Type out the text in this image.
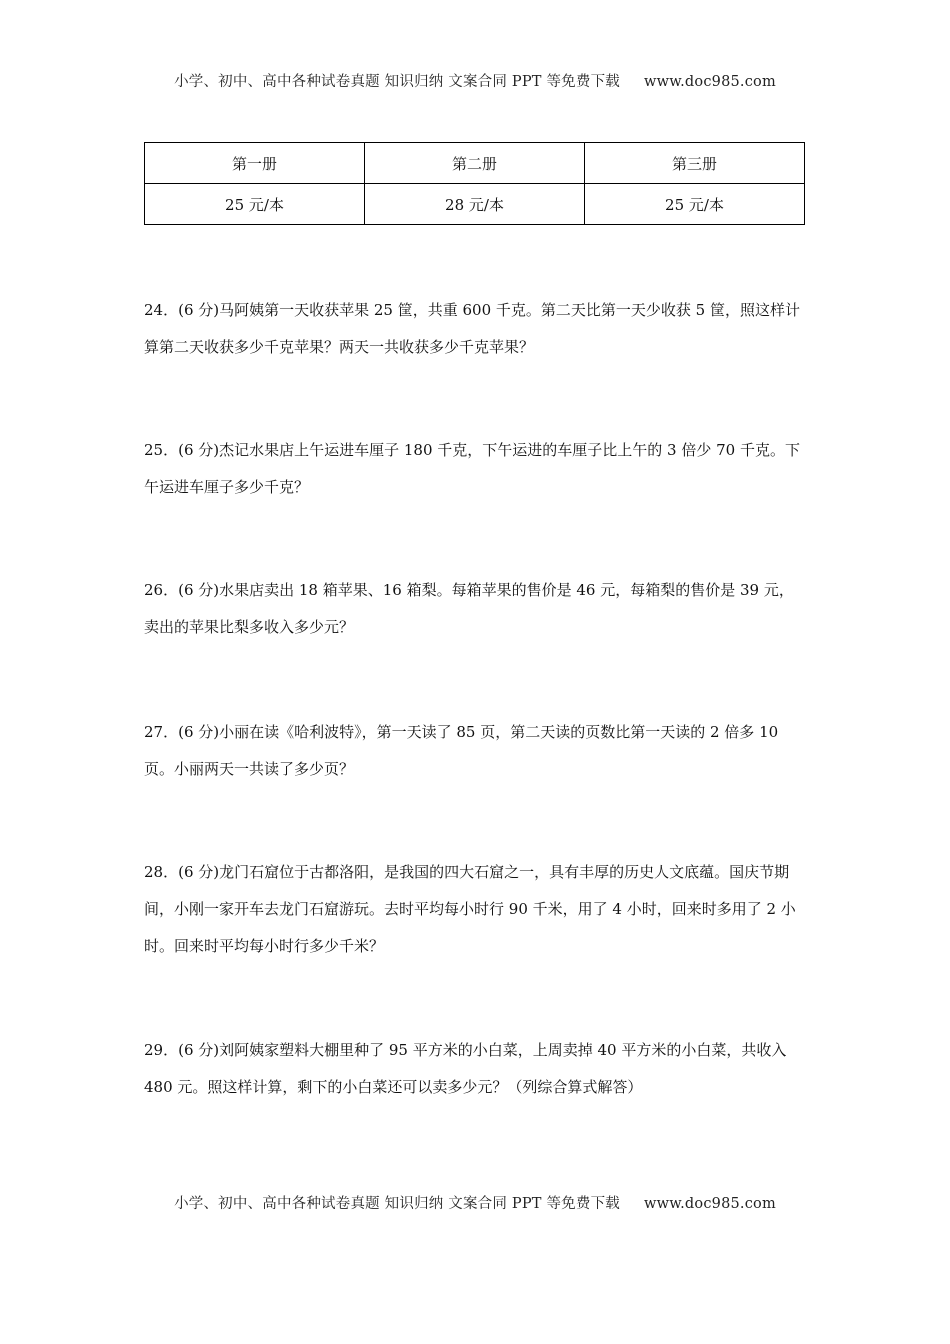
小学、初中、高中各种试卷真题 知识归纳 文案合同 PPT 等免费下载 www.doc985.com
第一册	第二册	第三册
25 元/本	28 元/本	25 元/本

24．(6 分)马阿姨第一天收获苹果 25 筐，共重 600 千克。第二天比第一天少收获 5 筐，照这样计算第二天收获多少千克苹果？两天一共收获多少千克苹果？

25．(6 分)杰记水果店上午运进车厘子 180 千克，下午运进的车厘子比上午的 3 倍少 70 千克。下午运进车厘子多少千克？

26．(6 分)水果店卖出 18 箱苹果、16 箱梨。每箱苹果的售价是 46 元，每箱梨的售价是 39 元，卖出的苹果比梨多收入多少元？

27．(6 分)小丽在读《哈利波特》，第一天读了 85 页，第二天读的页数比第一天读的 2 倍多 10 页。小丽两天一共读了多少页？

28．(6 分)龙门石窟位于古都洛阳，是我国的四大石窟之一，具有丰厚的历史人文底蕴。国庆节期间，小刚一家开车去龙门石窟游玩。去时平均每小时行 90 千米，用了 4 小时，回来时多用了 2 小时。回来时平均每小时行多少千米？

29．(6 分)刘阿姨家塑料大棚里种了 95 平方米的小白菜，上周卖掉 40 平方米的小白菜，共收入 480 元。照这样计算，剩下的小白菜还可以卖多少元？（列综合算式解答）

小学、初中、高中各种试卷真题 知识归纳 文案合同 PPT 等免费下载 www.doc985.com
